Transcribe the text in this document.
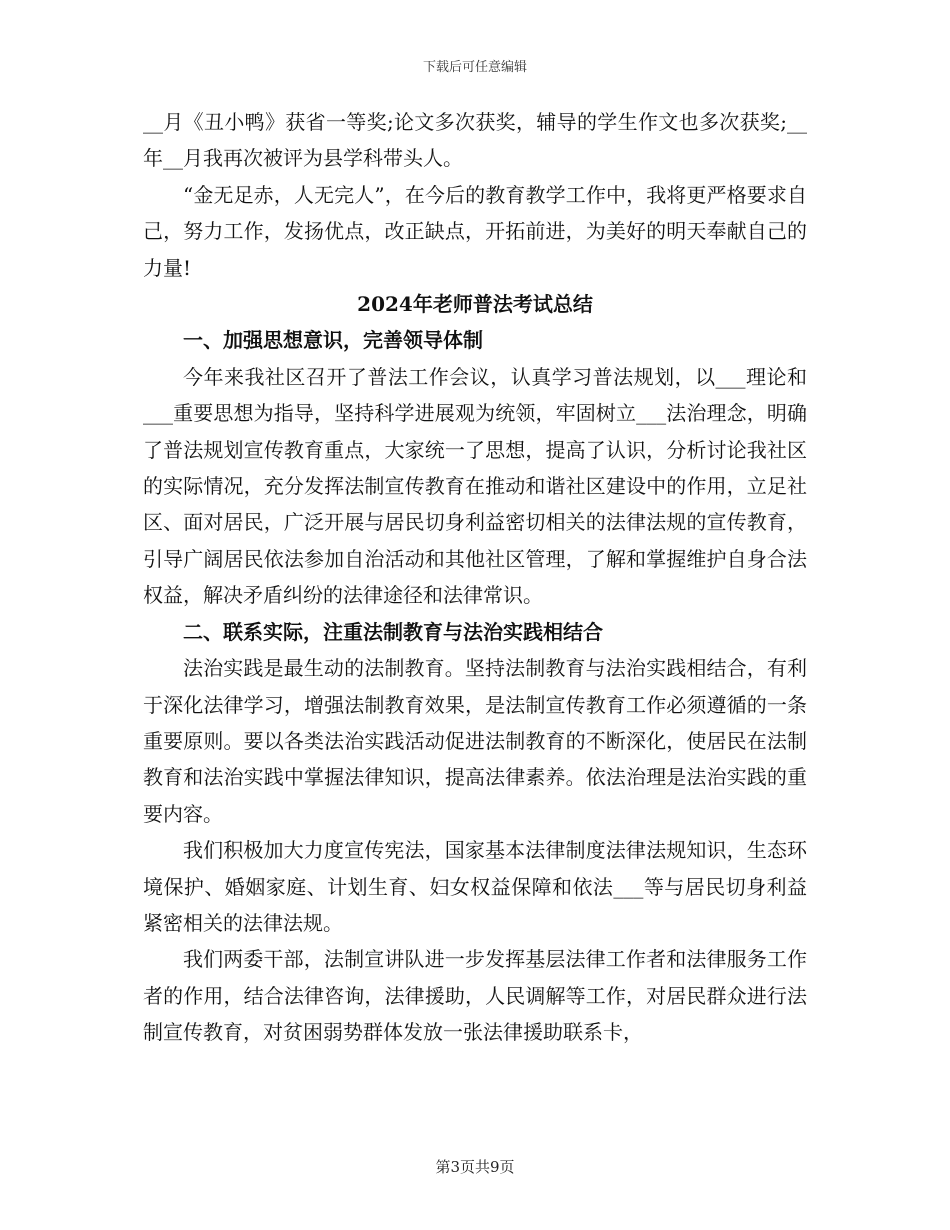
下载后可任意编辑

__月《丑小鸭》获省一等奖;论文多次获奖，辅导的学生作文也多次获奖;__年__月我再次被评为县学科带头人。

“金无足赤，人无完人”，在今后的教育教学工作中，我将更严格要求自己，努力工作，发扬优点，改正缺点，开拓前进，为美好的明天奉献自己的力量!

2024年老师普法考试总结
一、加强思想意识，完善领导体制

今年来我社区召开了普法工作会议，认真学习普法规划，以___理论和___重要思想为指导，坚持科学进展观为统领，牢固树立___法治理念，明确了普法规划宣传教育重点，大家统一了思想，提高了认识，分析讨论我社区的实际情况，充分发挥法制宣传教育在推动和谐社区建设中的作用，立足社区、面对居民，广泛开展与居民切身利益密切相关的法律法规的宣传教育，引导广阔居民依法参加自治活动和其他社区管理，了解和掌握维护自身合法权益，解决矛盾纠纷的法律途径和法律常识。

二、联系实际，注重法制教育与法治实践相结合

法治实践是最生动的法制教育。坚持法制教育与法治实践相结合，有利于深化法律学习，增强法制教育效果，是法制宣传教育工作必须遵循的一条重要原则。要以各类法治实践活动促进法制教育的不断深化，使居民在法制教育和法治实践中掌握法律知识，提高法律素养。依法治理是法治实践的重要内容。

我们积极加大力度宣传宪法，国家基本法律制度法律法规知识，生态环境保护、婚姻家庭、计划生育、妇女权益保障和依法___等与居民切身利益紧密相关的法律法规。

我们两委干部，法制宣讲队进一步发挥基层法律工作者和法律服务工作者的作用，结合法律咨询，法律援助，人民调解等工作，对居民群众进行法制宣传教育，对贫困弱势群体发放一张法律援助联系卡，

第3页共9页
